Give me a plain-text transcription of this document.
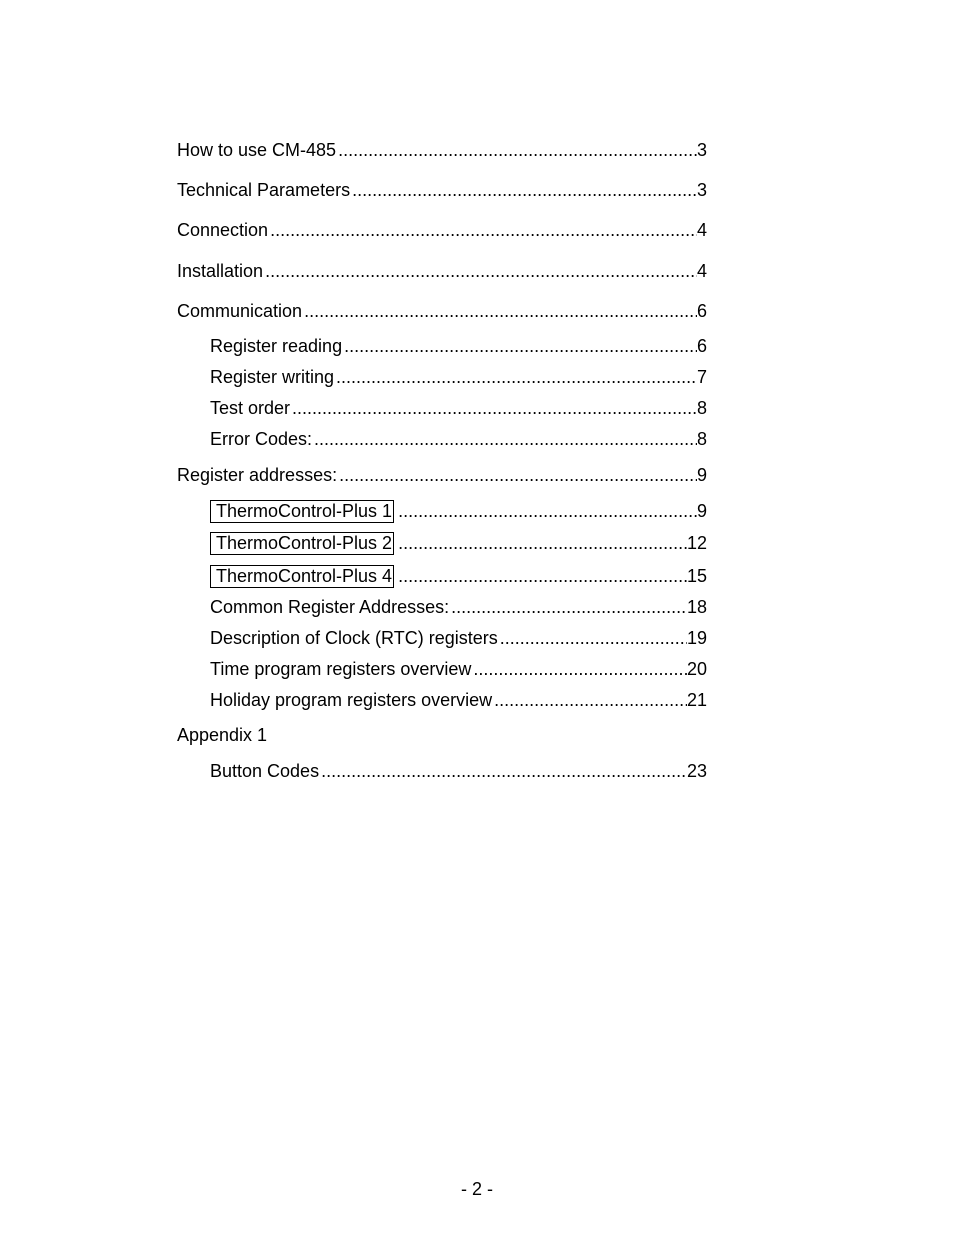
How to use CM-485 .....	3
Technical Parameters .....	3
Connection .....	4
Installation .....	4
Communication .....	6
Register reading .....	6
Register writing .....	7
Test order .....	8
Error Codes: .....	8
Register addresses: .....	9
ThermoControl-Plus 1 .....	9
ThermoControl-Plus 2 .....	12
ThermoControl-Plus 4 .....	15
Common Register Addresses: .....	18
Description of Clock (RTC) registers .....	19
Time program registers overview .....	20
Holiday program registers overview .....	21
Appendix 1
Button Codes .....	23
- 2 -
